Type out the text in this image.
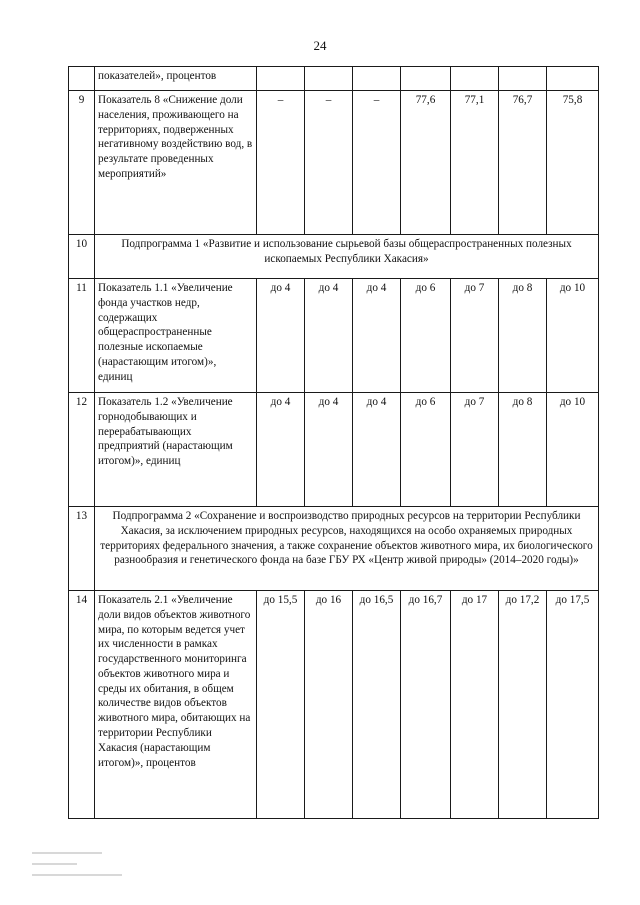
24
	показателей», процентов							
9	Показатель 8 «Снижение доли населения, проживающего на территориях, подверженных негативному воздействию вод, в результате проведенных мероприятий»	–	–	–	77,6	77,1	76,7	75,8
10	Подпрограмма 1 «Развитие и использование сырьевой базы общераспространенных полезных ископаемых Республики Хакасия»							
11	Показатель 1.1 «Увеличение фонда участков недр, содержащих общераспространенные полезные ископаемые (нарастающим итогом)», единиц	до 4	до 4	до 4	до 6	до 7	до 8	до 10
12	Показатель 1.2 «Увеличение горнодобывающих и перерабатывающих предприятий (нарастающим итогом)», единиц	до 4	до 4	до 4	до 6	до 7	до 8	до 10
13	Подпрограмма 2 «Сохранение и воспроизводство природных ресурсов на территории Республики Хакасия, за исключением природных ресурсов, находящихся на особо охраняемых природных территориях федерального значения, а также сохранение объектов животного мира, их биологического разнообразия и генетического фонда на базе ГБУ РХ «Центр живой природы» (2014–2020 годы)»							
14	Показатель 2.1 «Увеличение доли видов объектов животного мира, по которым ведется учет их численности в рамках государственного мониторинга объектов животного мира и среды их обитания, в общем количестве видов объектов животного мира, обитающих на территории Республики Хакасия (нарастающим итогом)», процентов	до 15,5	до 16	до 16,5	до 16,7	до 17	до 17,2	до 17,5
